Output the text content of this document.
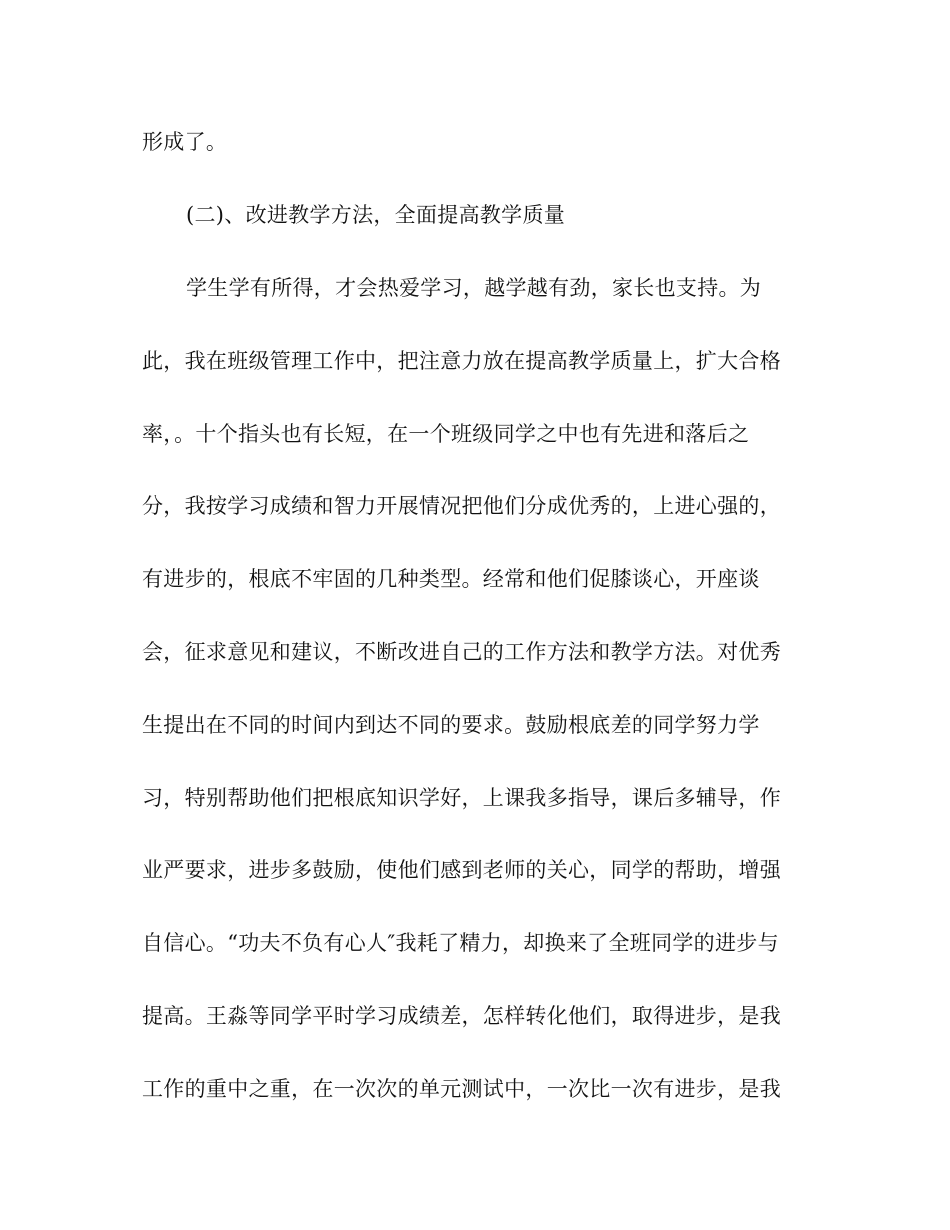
形成了。
(二)、改进教学方法，全面提高教学质量
学生学有所得，才会热爱学习，越学越有劲，家长也支持。为
此，我在班级管理工作中，把注意力放在提高教学质量上，扩大合格
率，。十个指头也有长短，在一个班级同学之中也有先进和落后之
分，我按学习成绩和智力开展情况把他们分成优秀的，上进心强的，
有进步的，根底不牢固的几种类型。经常和他们促膝谈心，开座谈
会，征求意见和建议，不断改进自己的工作方法和教学方法。对优秀
生提出在不同的时间内到达不同的要求。鼓励根底差的同学努力学
习，特别帮助他们把根底知识学好，上课我多指导，课后多辅导，作
业严要求，进步多鼓励，使他们感到老师的关心，同学的帮助，增强
自信心。“功夫不负有心人″我耗了精力，却换来了全班同学的进步与
提高。王淼等同学平时学习成绩差，怎样转化他们，取得进步，是我
工作的重中之重，在一次次的单元测试中，一次比一次有进步，是我
